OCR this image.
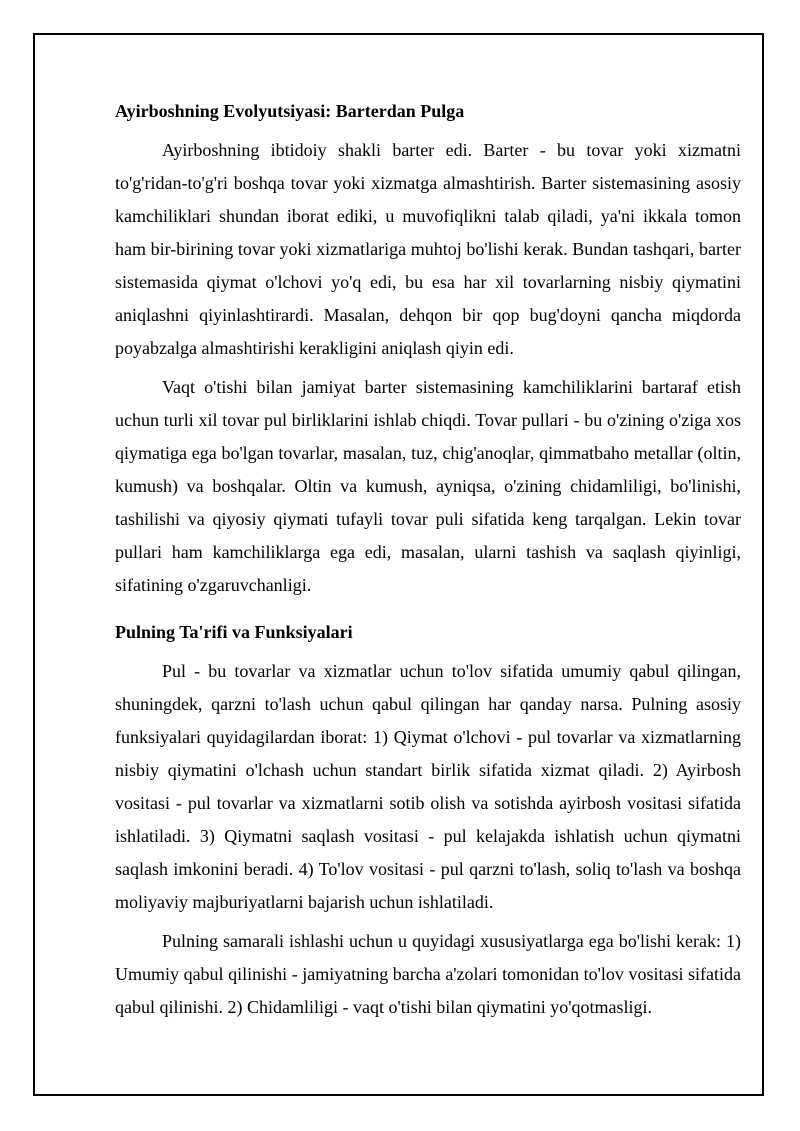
Ayirboshning Evolyutsiyasi: Barterdan Pulga

Ayirboshning ibtidoiy shakli barter edi. Barter - bu tovar yoki xizmatni to'g'ridan-to'g'ri boshqa tovar yoki xizmatga almashtirish. Barter sistemasining asosiy kamchiliklari shundan iborat ediki, u muvofiqlikni talab qiladi, ya'ni ikkala tomon ham bir-birining tovar yoki xizmatlariga muhtoj bo'lishi kerak. Bundan tashqari, barter sistemasida qiymat o'lchovi yo'q edi, bu esa har xil tovarlarning nisbiy qiymatini aniqlashni qiyinlashtirardi. Masalan, dehqon bir qop bug'doyni qancha miqdorda poyabzalga almashtirishi kerakligini aniqlash qiyin edi.

Vaqt o'tishi bilan jamiyat barter sistemasining kamchiliklarini bartaraf etish uchun turli xil tovar pul birliklarini ishlab chiqdi. Tovar pullari - bu o'zining o'ziga xos qiymatiga ega bo'lgan tovarlar, masalan, tuz, chig'anoqlar, qimmatbaho metallar (oltin, kumush) va boshqalar. Oltin va kumush, ayniqsa, o'zining chidamliligi, bo'linishi, tashilishi va qiyosiy qiymati tufayli tovar puli sifatida keng tarqalgan. Lekin tovar pullari ham kamchiliklarga ega edi, masalan, ularni tashish va saqlash qiyinligi, sifatining o'zgaruvchanligi.

Pulning Ta'rifi va Funksiyalari

Pul - bu tovarlar va xizmatlar uchun to'lov sifatida umumiy qabul qilingan, shuningdek, qarzni to'lash uchun qabul qilingan har qanday narsa. Pulning asosiy funksiyalari quyidagilardan iborat: 1) Qiymat o'lchovi - pul tovarlar va xizmatlarning nisbiy qiymatini o'lchash uchun standart birlik sifatida xizmat qiladi. 2) Ayirbosh vositasi - pul tovarlar va xizmatlarni sotib olish va sotishda ayirbosh vositasi sifatida ishlatiladi. 3) Qiymatni saqlash vositasi - pul kelajakda ishlatish uchun qiymatni saqlash imkonini beradi. 4) To'lov vositasi - pul qarzni to'lash, soliq to'lash va boshqa moliyaviy majburiyatlarni bajarish uchun ishlatiladi.

Pulning samarali ishlashi uchun u quyidagi xususiyatlarga ega bo'lishi kerak: 1) Umumiy qabul qilinishi - jamiyatning barcha a'zolari tomonidan to'lov vositasi sifatida qabul qilinishi. 2) Chidamliligi - vaqt o'tishi bilan qiymatini yo'qotmasligi.
